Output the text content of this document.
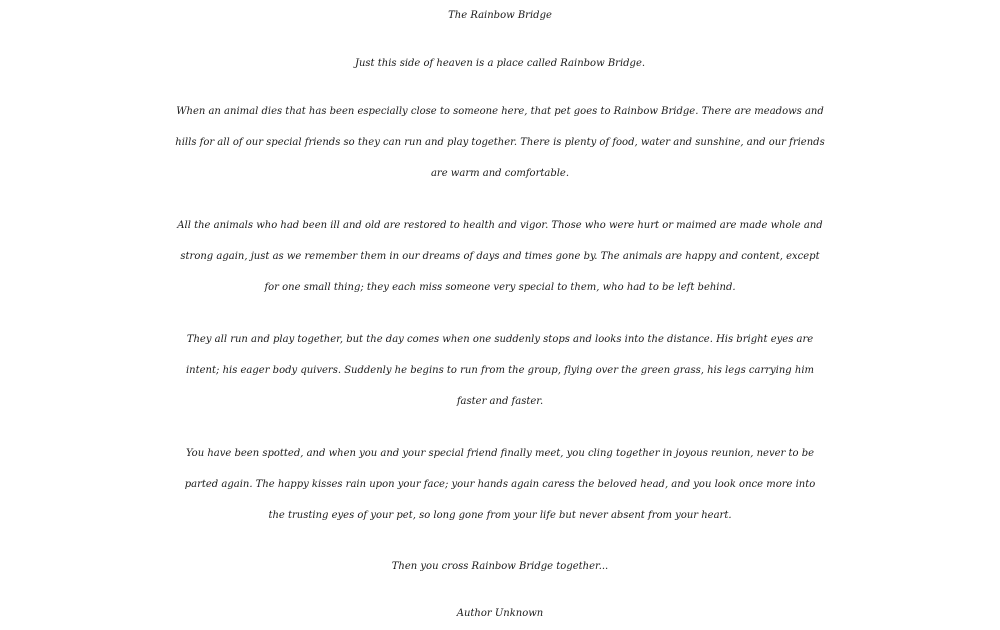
The Rainbow Bridge

Just this side of heaven is a place called Rainbow Bridge.

When an animal dies that has been especially close to someone here, that pet goes to Rainbow Bridge. There are meadows and
hills for all of our special friends so they can run and play together. There is plenty of food, water and sunshine, and our friends
are warm and comfortable.
All the animals who had been ill and old are restored to health and vigor. Those who were hurt or maimed are made whole and
strong again, just as we remember them in our dreams of days and times gone by. The animals are happy and content, except
for one small thing; they each miss someone very special to them, who had to be left behind.
They all run and play together, but the day comes when one suddenly stops and looks into the distance. His bright eyes are
intent; his eager body quivers. Suddenly he begins to run from the group, flying over the green grass, his legs carrying him
faster and faster.
You have been spotted, and when you and your special friend finally meet, you cling together in joyous reunion, never to be
parted again. The happy kisses rain upon your face; your hands again caress the beloved head, and you look once more into
the trusting eyes of your pet, so long gone from your life but never absent from your heart.

Then you cross Rainbow Bridge together...

Author Unknown
